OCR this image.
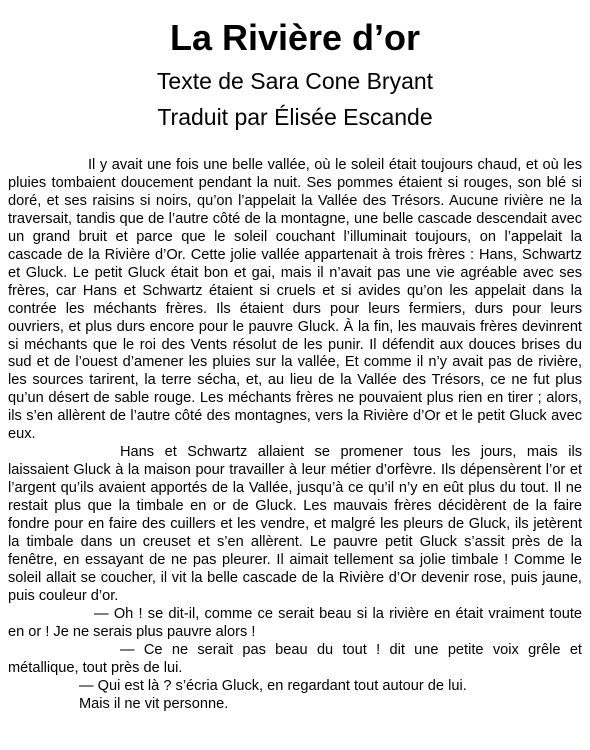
La Rivière d’or
Texte de Sara Cone Bryant
Traduit par Élisée Escande

Il y avait une fois une belle vallée, où le soleil était toujours chaud, et où les pluies tombaient doucement pendant la nuit. Ses pommes étaient si rouges, son blé si doré, et ses raisins si noirs, qu’on l’appelait la Vallée des Trésors. Aucune rivière ne la traversait, tandis que de l’autre côté de la montagne, une belle cascade descendait avec un grand bruit et parce que le soleil couchant l’illuminait toujours, on l’appelait la cascade de la Rivière d’Or. Cette jolie vallée appartenait à trois frères : Hans, Schwartz et Gluck. Le petit Gluck était bon et gai, mais il n’avait pas une vie agréable avec ses frères, car Hans et Schwartz étaient si cruels et si avides qu’on les appelait dans la contrée les méchants frères. Ils étaient durs pour leurs fermiers, durs pour leurs ouvriers, et plus durs encore pour le pauvre Gluck. À la fin, les mauvais frères devinrent si méchants que le roi des Vents résolut de les punir. Il défendit aux douces brises du sud et de l’ouest d’amener les pluies sur la vallée, Et comme il n’y avait pas de rivière, les sources tarirent, la terre sécha, et, au lieu de la Vallée des Trésors, ce ne fut plus qu’un désert de sable rouge. Les méchants frères ne pouvaient plus rien en tirer ; alors, ils s’en allèrent de l’autre côté des montagnes, vers la Rivière d’Or et le petit Gluck avec eux.

Hans et Schwartz allaient se promener tous les jours, mais ils laissaient Gluck à la maison pour travailler à leur métier d’orfèvre. Ils dépensèrent l’or et l’argent qu’ils avaient apportés de la Vallée, jusqu’à ce qu’il n’y en eût plus du tout. Il ne restait plus que la timbale en or de Gluck. Les mauvais frères décidèrent de la faire fondre pour en faire des cuillers et les vendre, et malgré les pleurs de Gluck, ils jetèrent la timbale dans un creuset et s’en allèrent. Le pauvre petit Gluck s’assit près de la fenêtre, en essayant de ne pas pleurer. Il aimait tellement sa jolie timbale ! Comme le soleil allait se coucher, il vit la belle cascade de la Rivière d’Or devenir rose, puis jaune, puis couleur d’or.

— Oh ! se dit-il, comme ce serait beau si la rivière en était vraiment toute en or ! Je ne serais plus pauvre alors !

— Ce ne serait pas beau du tout ! dit une petite voix grêle et métallique, tout près de lui.

— Qui est là ? s’écria Gluck, en regardant tout autour de lui.

Mais il ne vit personne.
